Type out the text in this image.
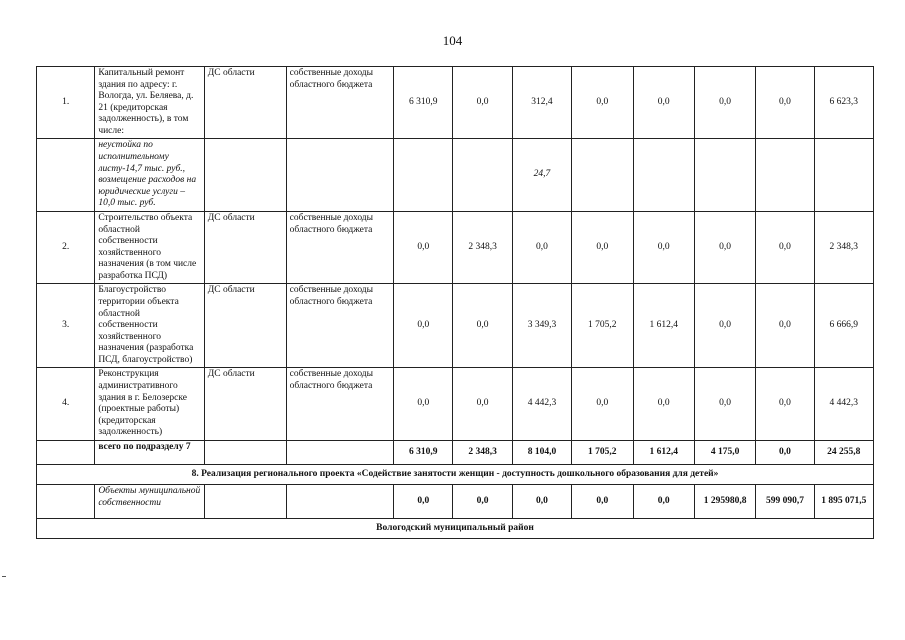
104
1.	Капитальный ремонт здания по адресу: г. Вологда, ул. Беляева, д. 21 (кредиторская задолженность), в том числе:	ДС области	собственные доходы областного бюджета	6 310,9	0,0	312,4	0,0	0,0	0,0	0,0	6 623,3
	неустойка по исполнительному листу-14,7 тыс. руб., возмещение расходов на юридические услуги – 10,0 тыс. руб.					24,7					
2.	Строительство объекта областной собственности хозяйственного назначения (в том числе разработка ПСД)	ДС области	собственные доходы областного бюджета	0,0	2 348,3	0,0	0,0	0,0	0,0	0,0	2 348,3
3.	Благоустройство территории объекта областной собственности хозяйственного назначения (разработка ПСД, благоустройство)	ДС области	собственные доходы областного бюджета	0,0	0,0	3 349,3	1 705,2	1 612,4	0,0	0,0	6 666,9
4.	Реконструкция административного здания в г. Белозерске (проектные работы) (кредиторская задолженность)	ДС области	собственные доходы областного бюджета	0,0	0,0	4 442,3	0,0	0,0	0,0	0,0	4 442,3
	всего по подразделу 7			6 310,9	2 348,3	8 104,0	1 705,2	1 612,4	4 175,0	0,0	24 255,8
8. Реализация регионального проекта «Содействие занятости женщин - доступность дошкольного образования для детей»											
	Объекты муниципальной собственности			0,0	0,0	0,0	0,0	0,0	1 295980,8	599 090,7	1 895 071,5
Вологодский муниципальный район											
